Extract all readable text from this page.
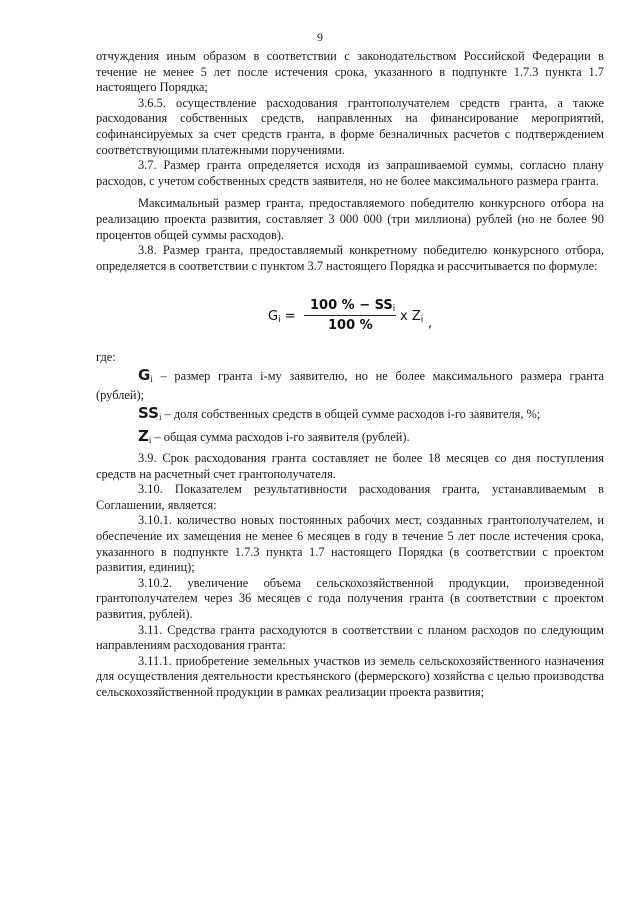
9

отчуждения иным образом в соответствии с законодательством Российской Федерации в течение не менее 5 лет после истечения срока, указанного в подпункте 1.7.3 пункта 1.7 настоящего Порядка;

3.6.5. осуществление расходования грантополучателем средств гранта, а также расходования собственных средств, направленных на финансирование мероприятий, софинансируемых за счет средств гранта, в форме безналичных расчетов с подтверждением соответствующими платежными поручениями.

3.7. Размер гранта определяется исходя из запрашиваемой суммы, согласно плану расходов, с учетом собственных средств заявителя, но не более максимального размера гранта.

Максимальный размер гранта, предоставляемого победителю конкурсного отбора на реализацию проекта развития, составляет 3 000 000 (три миллиона) рублей (но не более 90 процентов общей суммы расходов).

3.8. Размер гранта, предоставляемый конкретному победителю конкурсного отбора, определяется в соответствии с пунктом 3.7 настоящего Порядка и рассчитывается по формуле:

$G_i$ =
100 % − $SS_i$
100 %
x $Z_i$ ,
где:

$G_i$ – размер гранта i-му заявителю, но не более максимального размера гранта (рублей);

$SS_i$ – доля собственных средств в общей сумме расходов i-го заявителя, %;

$Z_i$ – общая сумма расходов i-го заявителя (рублей).

3.9. Срок расходования гранта составляет не более 18 месяцев со дня поступления средств на расчетный счет грантополучателя.

3.10. Показателем результативности расходования гранта, устанавливаемым в Соглашении, является:

3.10.1. количество новых постоянных рабочих мест, созданных грантополучателем, и обеспечение их замещения не менее 6 месяцев в году в течение 5 лет после истечения срока, указанного в подпункте 1.7.3 пункта 1.7 настоящего Порядка (в соответствии с проектом развития, единиц);

3.10.2. увеличение объема сельскохозяйственной продукции, произведенной грантополучателем через 36 месяцев с года получения гранта (в соответствии с проектом развития, рублей).

3.11. Средства гранта расходуются в соответствии с планом расходов по следующим направлениям расходования гранта:

3.11.1. приобретение земельных участков из земель сельскохозяйственного назначения для осуществления деятельности крестьянского (фермерского) хозяйства с целью производства сельскохозяйственной продукции в рамках реализации проекта развития;
